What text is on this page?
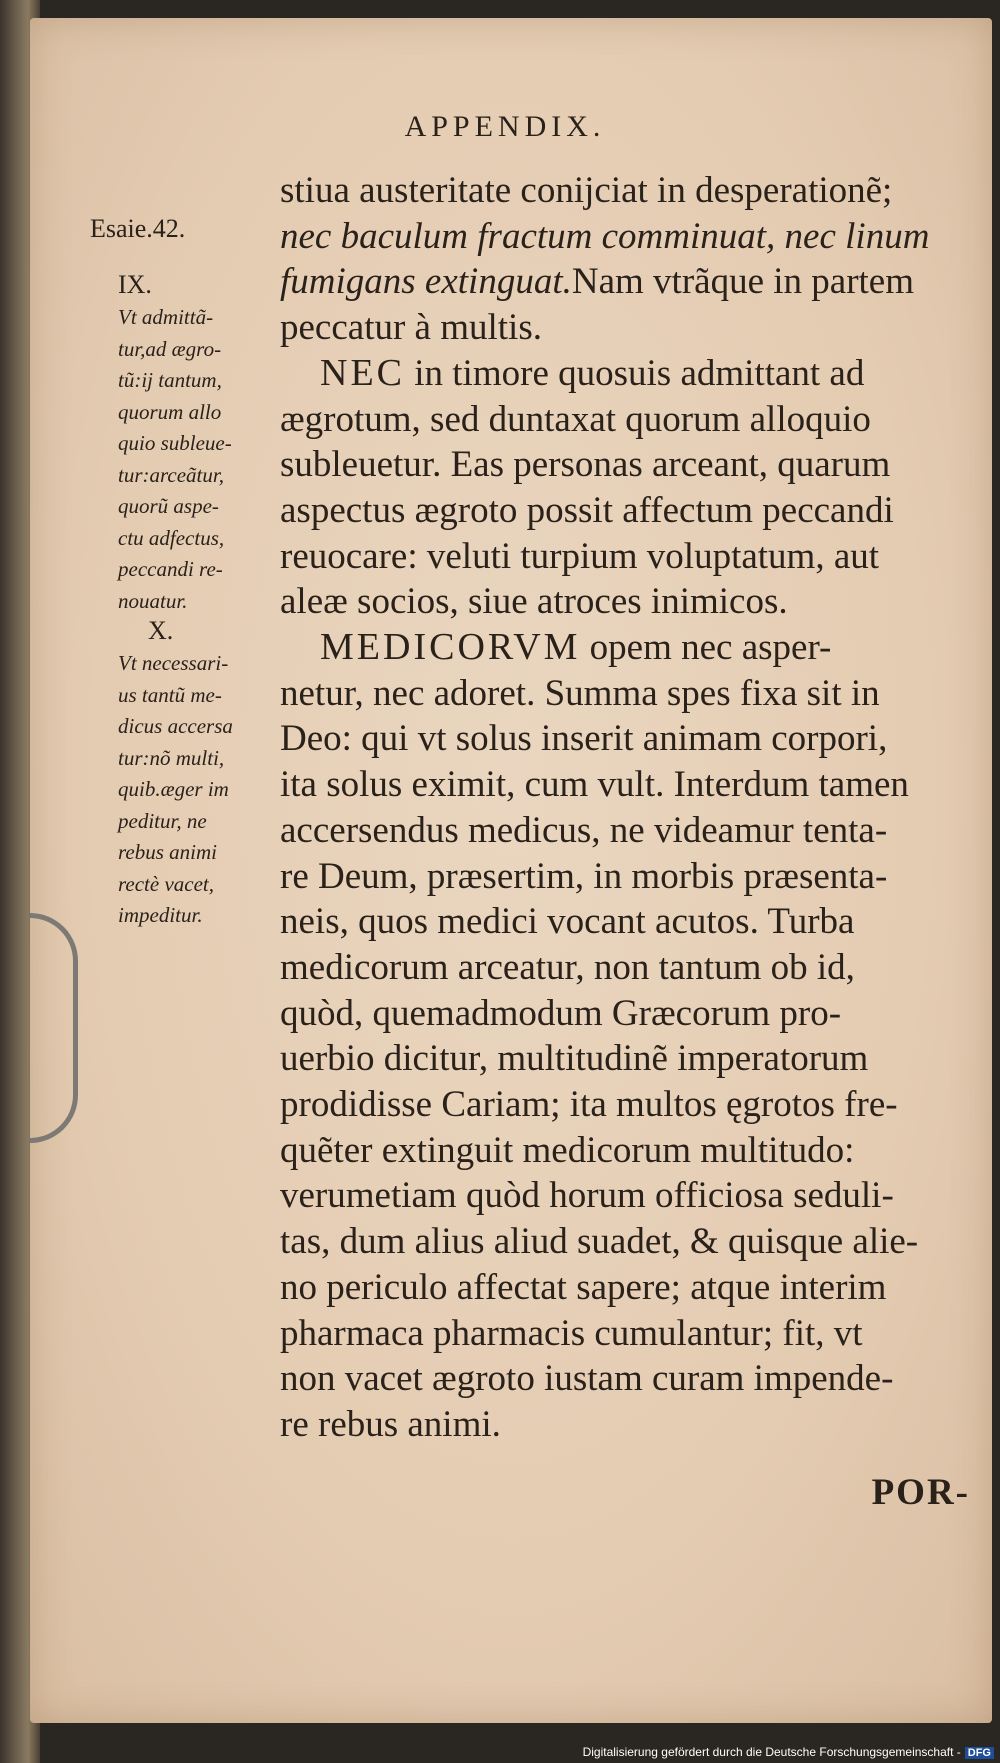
APPENDIX.
Esaie.42.
IX.
Vt admittã-
tur,ad ægro-
tũ:ij tantum,
quorum allo
quio subleue-
tur:arceãtur,
quorũ aspe-
ctu adfectus,
peccandi re-
nouatur.
X.
Vt necessari-
us tantũ me-
dicus accersa
tur:nõ multi,
quib.æger im
peditur, ne
rebus animi
rectè vacet,
impeditur.
stiua austeritate conijciat in desperationẽ;
nec baculum fractum comminuat, nec linum
fumigans extinguat.Nam vtrãque in partem
peccatur à multis.
NEC in timore quosuis admittant ad
ægrotum, sed duntaxat quorum alloquio
subleuetur. Eas personas arceant, quarum
aspectus ægroto possit affectum peccandi
reuocare: veluti turpium voluptatum, aut
aleæ socios, siue atroces inimicos.
MEDICORVM opem nec asper-
netur, nec adoret. Summa spes fixa sit in
Deo: qui vt solus inserit animam corpori,
ita solus eximit, cum vult. Interdum tamen
accersendus medicus, ne videamur tenta-
re Deum, præsertim, in morbis præsenta-
neis, quos medici vocant acutos. Turba
medicorum arceatur, non tantum ob id,
quòd, quemadmodum Græcorum pro-
uerbio dicitur, multitudinẽ imperatorum
prodidisse Cariam; ita multos ęgrotos fre-
quẽter extinguit medicorum multitudo:
verumetiam quòd horum officiosa seduli-
tas, dum alius aliud suadet, & quisque alie-
no periculo affectat sapere; atque interim
pharmaca pharmacis cumulantur; fit, vt
non vacet ægroto iustam curam impende-
re rebus animi.
POR-
Digitalisierung gefördert durch die Deutsche Forschungsgemeinschaft - DFG
